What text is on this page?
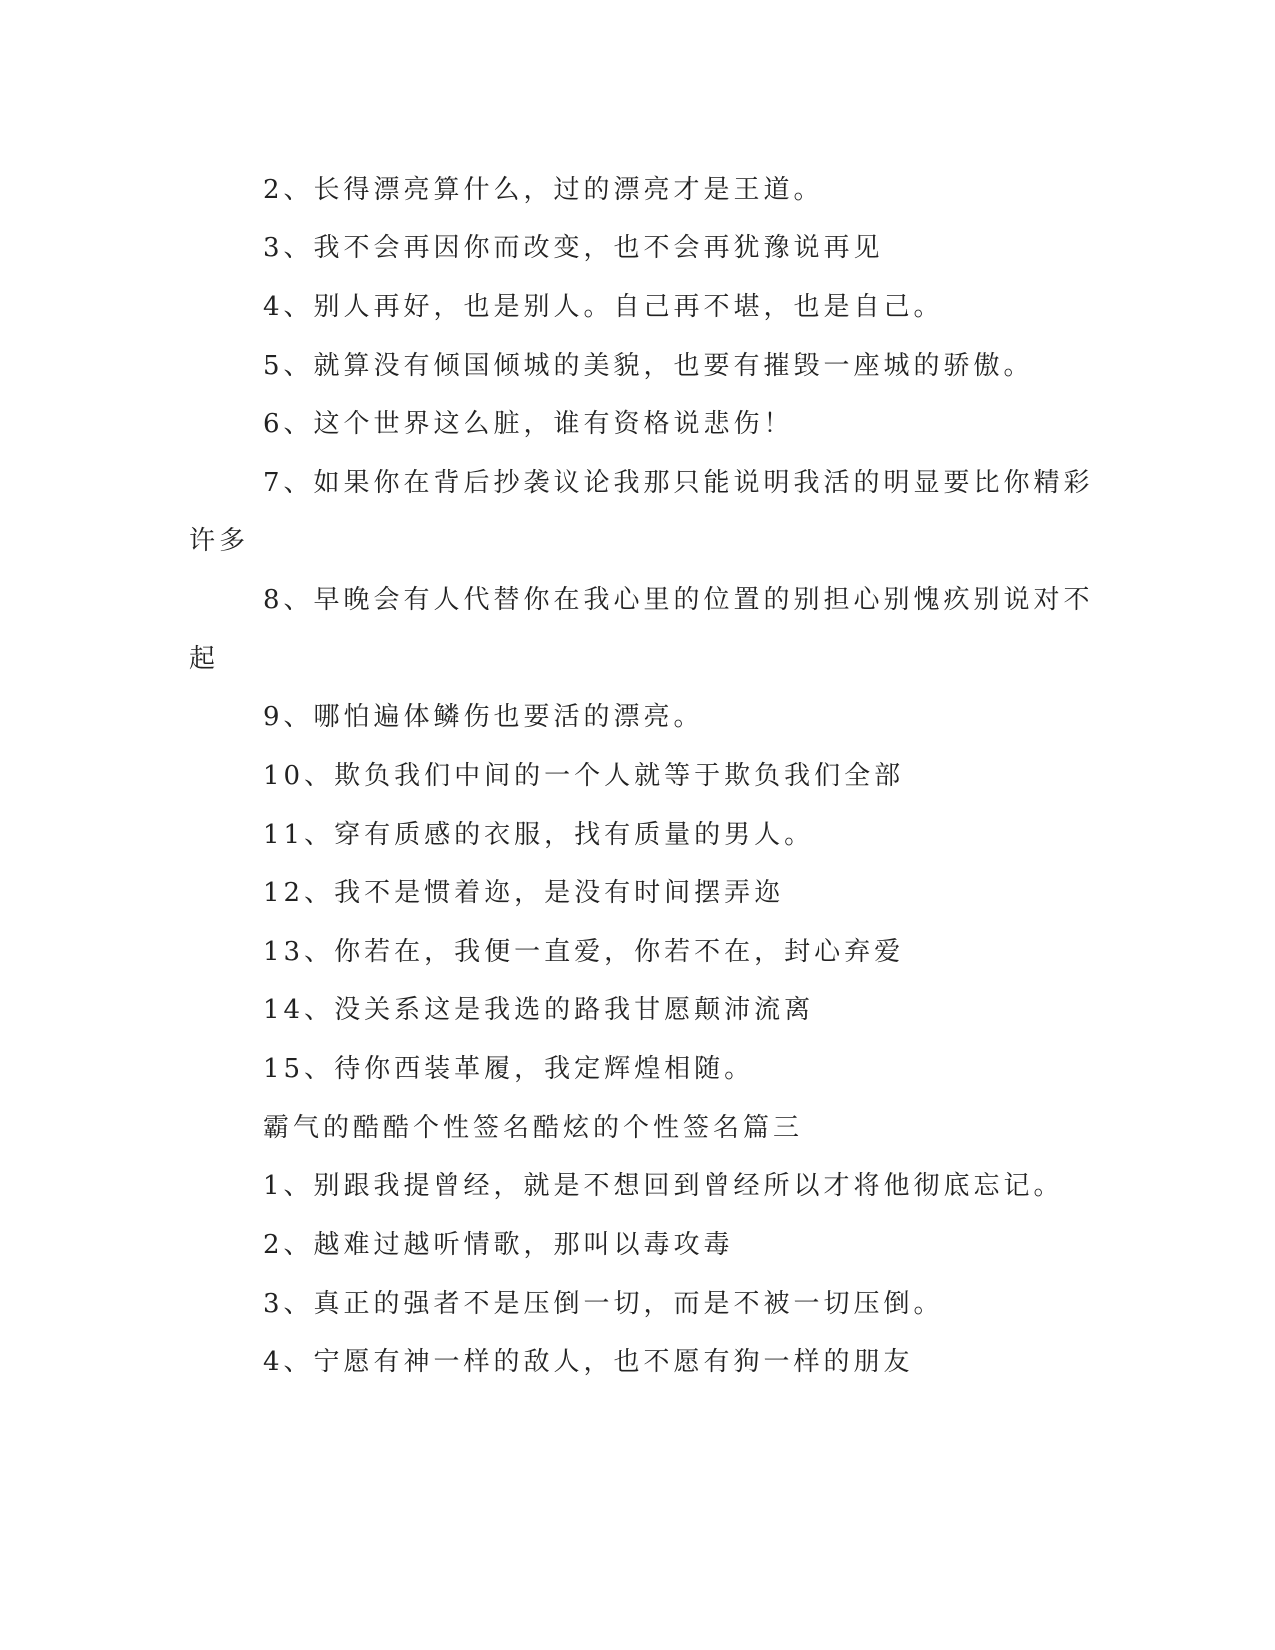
2、长得漂亮算什么，过的漂亮才是王道。
3、我不会再因你而改变，也不会再犹豫说再见
4、别人再好，也是别人。自己再不堪，也是自己。
5、就算没有倾国倾城的美貌，也要有摧毁一座城的骄傲。
6、这个世界这么脏，谁有资格说悲伤！
7、如果你在背后抄袭议论我那只能说明我活的明显要比你精彩
许多
8、早晚会有人代替你在我心里的位置的别担心别愧疚别说对不
起
9、哪怕遍体鳞伤也要活的漂亮。
10、欺负我们中间的一个人就等于欺负我们全部
11、穿有质感的衣服，找有质量的男人。
12、我不是惯着迩，是没有时间摆弄迩
13、你若在，我便一直爱，你若不在，封心弃爱
14、没关系这是我选的路我甘愿颠沛流离
15、待你西装革履，我定辉煌相随。
霸气的酷酷个性签名酷炫的个性签名篇三
1、别跟我提曾经，就是不想回到曾经所以才将他彻底忘记。
2、越难过越听情歌，那叫以毒攻毒
3、真正的强者不是压倒一切，而是不被一切压倒。
4、宁愿有神一样的敌人，也不愿有狗一样的朋友
